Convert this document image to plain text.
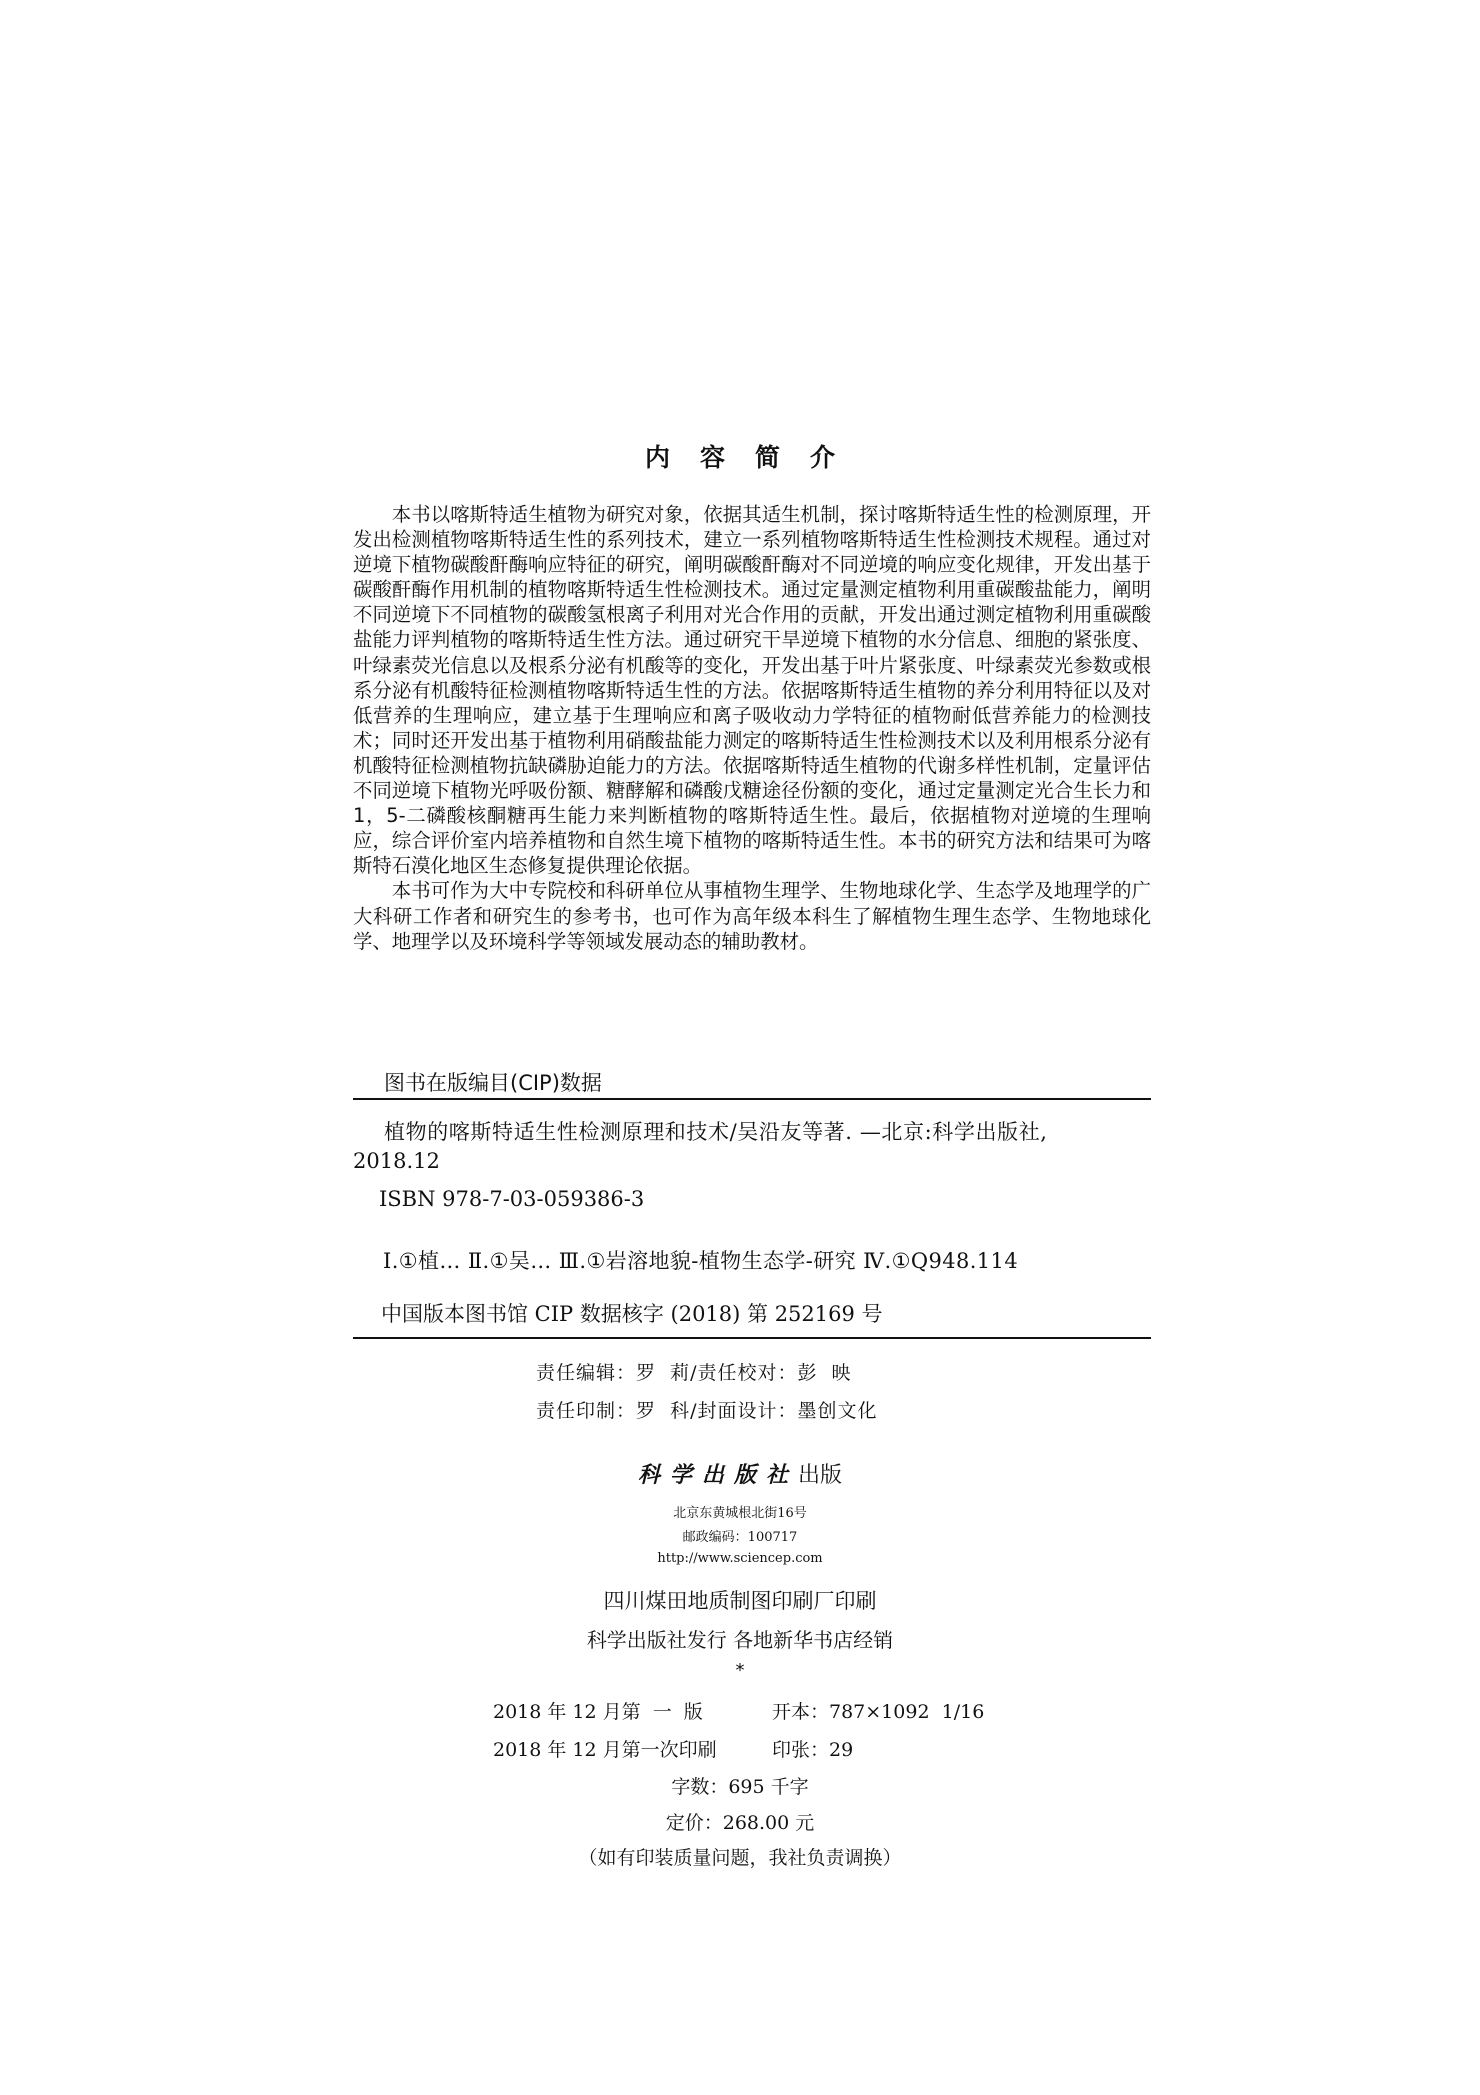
内容简介

本书以喀斯特适生植物为研究对象，依据其适生机制，探讨喀斯特适生性的检测原理，开发出检测植物喀斯特适生性的系列技术，建立一系列植物喀斯特适生性检测技术规程。通过对逆境下植物碳酸酐酶响应特征的研究，阐明碳酸酐酶对不同逆境的响应变化规律，开发出基于碳酸酐酶作用机制的植物喀斯特适生性检测技术。通过定量测定植物利用重碳酸盐能力，阐明不同逆境下不同植物的碳酸氢根离子利用对光合作用的贡献，开发出通过测定植物利用重碳酸盐能力评判植物的喀斯特适生性方法。通过研究干旱逆境下植物的水分信息、细胞的紧张度、叶绿素荧光信息以及根系分泌有机酸等的变化，开发出基于叶片紧张度、叶绿素荧光参数或根系分泌有机酸特征检测植物喀斯特适生性的方法。依据喀斯特适生植物的养分利用特征以及对低营养的生理响应，建立基于生理响应和离子吸收动力学特征的植物耐低营养能力的检测技术；同时还开发出基于植物利用硝酸盐能力测定的喀斯特适生性检测技术以及利用根系分泌有机酸特征检测植物抗缺磷胁迫能力的方法。依据喀斯特适生植物的代谢多样性机制，定量评估不同逆境下植物光呼吸份额、糖酵解和磷酸戊糖途径份额的变化，通过定量测定光合生长力和1，5-二磷酸核酮糖再生能力来判断植物的喀斯特适生性。最后，依据植物对逆境的生理响应，综合评价室内培养植物和自然生境下植物的喀斯特适生性。本书的研究方法和结果可为喀斯特石漠化地区生态修复提供理论依据。

本书可作为大中专院校和科研单位从事植物生理学、生物地球化学、生态学及地理学的广大科研工作者和研究生的参考书，也可作为高年级本科生了解植物生理生态学、生物地球化学、地理学以及环境科学等领域发展动态的辅助教材。

图书在版编目(CIP)数据
植物的喀斯特适生性检测原理和技术/吴沿友等著. —北京:科学出版社,
2018.12
ISBN 978-7-03-059386-3
Ⅰ.①植… Ⅱ.①吴… Ⅲ.①岩溶地貌-植物生态学-研究 Ⅳ.①Q948.114
中国版本图书馆 CIP 数据核字 (2018) 第 252169 号
责任编辑：罗  莉/责任校对：彭  映
责任印制：罗  科/封面设计：墨创文化
科学出版社出版
北京东黄城根北街16号
邮政编码：100717
http://www.sciencep.com
四川煤田地质制图印刷厂印刷
科学出版社发行 各地新华书店经销
*
2018 年 12 月第  一  版	开本：787×1092  1/16
2018 年 12 月第一次印刷	印张：29
字数：695 千字
定价：268.00 元
（如有印装质量问题，我社负责调换）
